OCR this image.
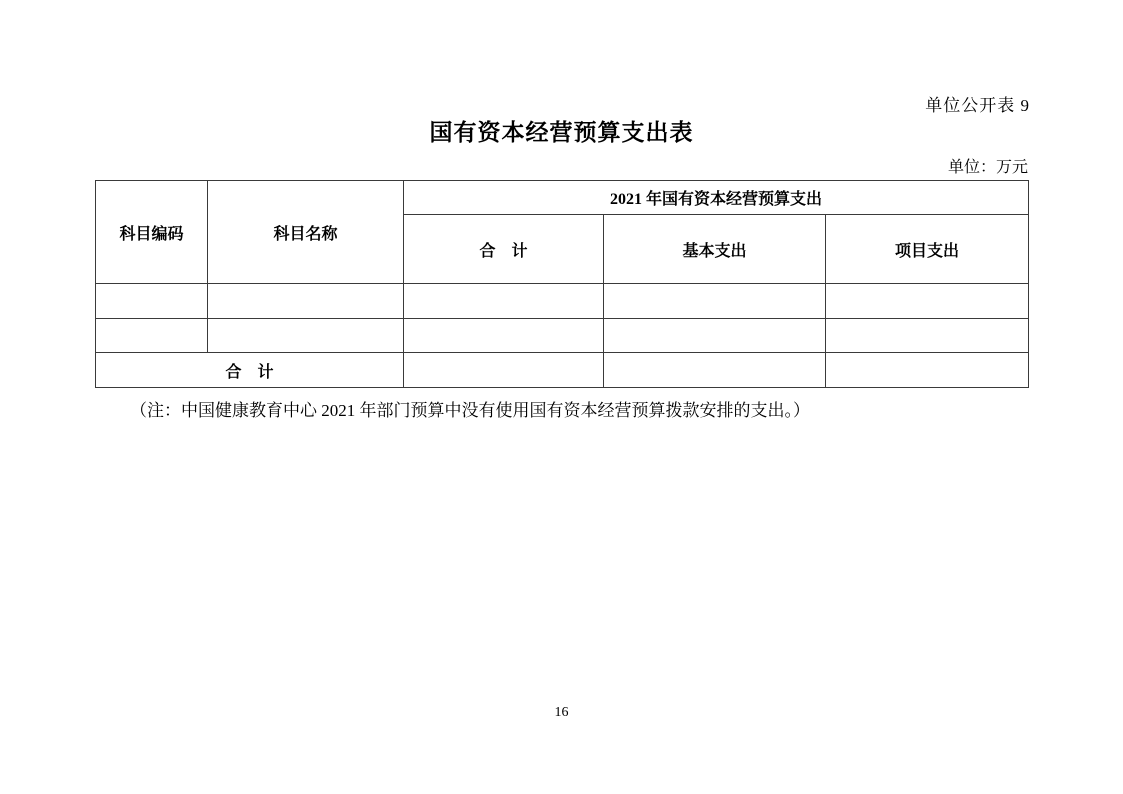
单位公开表 9
国有资本经营预算支出表
单位：万元
科目编码	科目名称	2021 年国有资本经营预算支出		
		合　计	基本支出	项目支出

合　计				
（注：中国健康教育中心 2021 年部门预算中没有使用国有资本经营预算拨款安排的支出。）
16
